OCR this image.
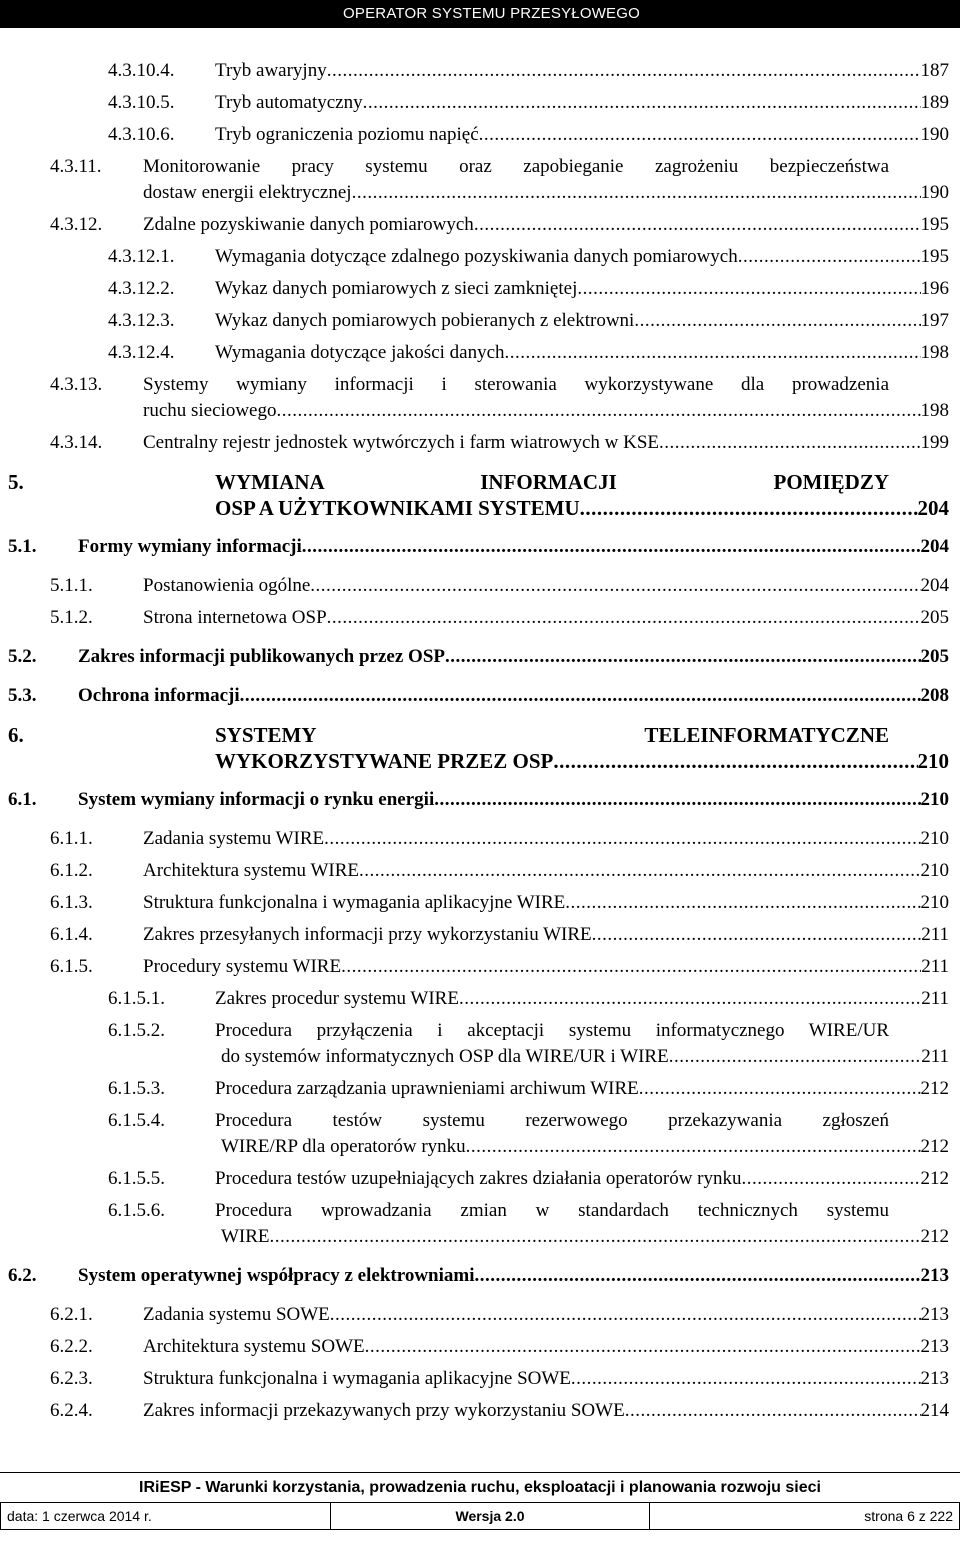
OPERATOR SYSTEMU PRZESYŁOWEGO
4.3.10.4. Tryb awaryjny .....	187
4.3.10.5. Tryb automatyczny .....	189
4.3.10.6. Tryb ograniczenia poziomu napięć .....	190
4.3.11. Monitorowanie pracy systemu oraz zapobieganie zagrożeniu bezpieczeństwa
dostaw energii elektrycznej .....	190
4.3.12. Zdalne pozyskiwanie danych pomiarowych .....	195
4.3.12.1. Wymagania dotyczące zdalnego pozyskiwania danych pomiarowych .....	195
4.3.12.2. Wykaz danych pomiarowych z sieci zamkniętej .....	196
4.3.12.3. Wykaz danych pomiarowych pobieranych z elektrowni .....	197
4.3.12.4. Wymagania dotyczące jakości danych .....	198
4.3.13. Systemy wymiany informacji i sterowania wykorzystywane dla prowadzenia
ruchu sieciowego .....	198
4.3.14. Centralny rejestr jednostek wytwórczych i farm wiatrowych w KSE .....	199
5.	WYMIANA INFORMACJI POMIĘDZY
OSP A UŻYTKOWNIKAMI SYSTEMU .....	204
5.1. Formy wymiany informacji .....	204
5.1.1.	Postanowienia ogólne .....	204
5.1.2.	Strona internetowa OSP .....	205
5.2. Zakres informacji publikowanych przez OSP .....	205
5.3. Ochrona informacji .....	208
6.	SYSTEMY TELEINFORMATYCZNE
WYKORZYSTYWANE PRZEZ OSP .....	210
6.1. System wymiany informacji o rynku energii .....	210
6.1.1.	Zadania systemu WIRE .....	210
6.1.2.	Architektura systemu WIRE .....	210
6.1.3.	Struktura funkcjonalna i wymagania aplikacyjne WIRE .....	210
6.1.4.	Zakres przesyłanych informacji przy wykorzystaniu WIRE .....	211
6.1.5.	Procedury systemu WIRE .....	211
6.1.5.1.	Zakres procedur systemu WIRE .....	211
6.1.5.2.	Procedura przyłączenia i akceptacji systemu informatycznego WIRE/UR
do systemów informatycznych OSP dla WIRE/UR i WIRE .....	211
6.1.5.3.	Procedura zarządzania uprawnieniami archiwum WIRE .....	212
6.1.5.4.	Procedura testów systemu rezerwowego przekazywania zgłoszeń
WIRE/RP dla operatorów rynku .....	212
6.1.5.5.	Procedura testów uzupełniających zakres działania operatorów rynku .....	212
6.1.5.6.	Procedura wprowadzania zmian w standardach technicznych systemu
WIRE .....	212
6.2. System operatywnej współpracy z elektrowniami .....	213
6.2.1.	Zadania systemu SOWE .....	213
6.2.2.	Architektura systemu SOWE .....	213
6.2.3.	Struktura funkcjonalna i wymagania aplikacyjne SOWE .....	213
6.2.4.	Zakres informacji przekazywanych przy wykorzystaniu SOWE .....	214
IRiESP - Warunki korzystania, prowadzenia ruchu, eksploatacji i planowania rozwoju sieci
data: 1 czerwca 2014 r.	Wersja 2.0	strona 6 z 222
